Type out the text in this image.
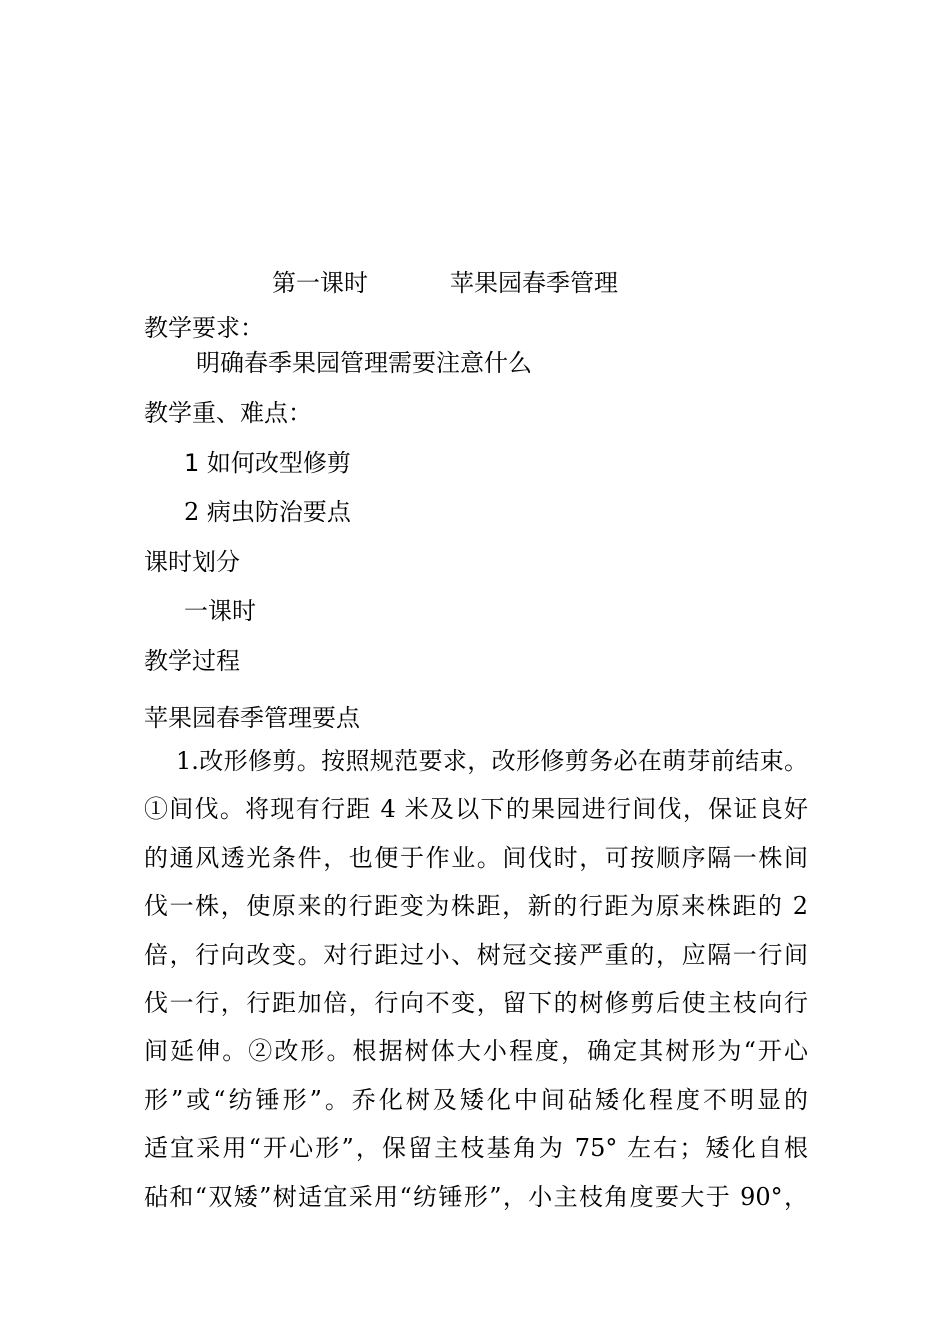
第一课时	苹果园春季管理
教学要求：
明确春季果园管理需要注意什么
教学重、难点：
1 如何改型修剪
2 病虫防治要点
课时划分
一课时
教学过程
苹果园春季管理要点
1.改形修剪。按照规范要求，改形修剪务必在萌芽前结束。
①间伐。将现有行距 4 米及以下的果园进行间伐，保证良好
的通风透光条件，也便于作业。间伐时，可按顺序隔一株间
伐一株，使原来的行距变为株距，新的行距为原来株距的 2
倍，行向改变。对行距过小、树冠交接严重的，应隔一行间
伐一行，行距加倍，行向不变，留下的树修剪后使主枝向行
间延伸。②改形。根据树体大小程度，确定其树形为“开心
形”或“纺锤形”。乔化树及矮化中间砧矮化程度不明显的
适宜采用“开心形”，保留主枝基角为 75° 左右；矮化自根
砧和“双矮”树适宜采用“纺锤形”，小主枝角度要大于 90°，
